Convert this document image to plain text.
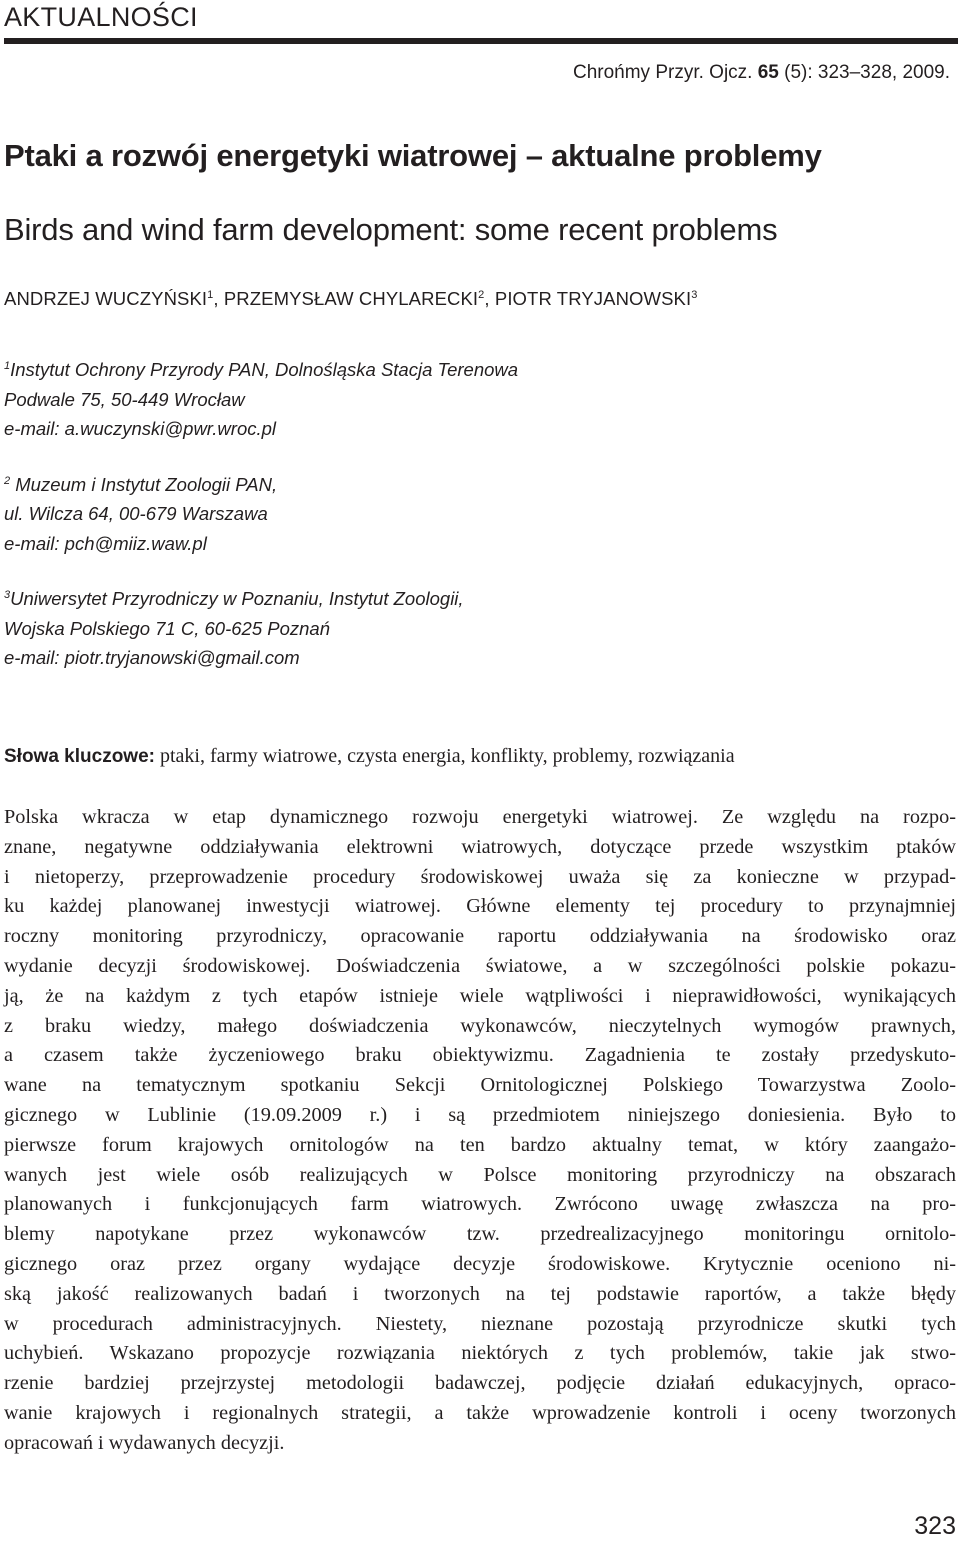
AKTUALNOŚCI
Chrońmy Przyr. Ojcz. 65 (5): 323–328, 2009.
Ptaki a rozwój energetyki wiatrowej – aktualne problemy
Birds and wind farm development: some recent problems
ANDRZEJ WUCZYŃSKI$^1$, PRZEMYSŁAW CHYLARECKI$^2$, PIOTR TRYJANOWSKI$^3$
$^1$Instytut Ochrony Przyrody PAN, Dolnośląska Stacja Terenowa
Podwale 75, 50-449 Wrocław
e-mail: a.wuczynski@pwr.wroc.pl
$^2$ Muzeum i Instytut Zoologii PAN,
ul. Wilcza 64, 00-679 Warszawa
e-mail: pch@miiz.waw.pl
$^3$Uniwersytet Przyrodniczy w Poznaniu, Instytut Zoologii,
Wojska Polskiego 71 C, 60-625 Poznań
e-mail: piotr.tryjanowski@gmail.com
Słowa kluczowe: ptaki, farmy wiatrowe, czysta energia, konflikty, problemy, rozwiązania
Polska wkracza w etap dynamicznego rozwoju energetyki wiatrowej. Ze względu na rozpo-
znane, negatywne oddziaływania elektrowni wiatrowych, dotyczące przede wszystkim ptaków
i nietoperzy, przeprowadzenie procedury środowiskowej uważa się za konieczne w przypad-
ku każdej planowanej inwestycji wiatrowej. Główne elementy tej procedury to przynajmniej
roczny monitoring przyrodniczy, opracowanie raportu oddziaływania na środowisko oraz
wydanie decyzji środowiskowej. Doświadczenia światowe, a w szczególności polskie pokazu-
ją, że na każdym z tych etapów istnieje wiele wątpliwości i nieprawidłowości, wynikających
z braku wiedzy, małego doświadczenia wykonawców, nieczytelnych wymogów prawnych,
a czasem także życzeniowego braku obiektywizmu. Zagadnienia te zostały przedyskuto-
wane na tematycznym spotkaniu Sekcji Ornitologicznej Polskiego Towarzystwa Zoolo-
gicznego w Lublinie (19.09.2009 r.) i są przedmiotem niniejszego doniesienia. Było to
pierwsze forum krajowych ornitologów na ten bardzo aktualny temat, w który zaangażo-
wanych jest wiele osób realizujących w Polsce monitoring przyrodniczy na obszarach
planowanych i funkcjonujących farm wiatrowych. Zwrócono uwagę zwłaszcza na pro-
blemy napotykane przez wykonawców tzw. przedrealizacyjnego monitoringu ornitolo-
gicznego oraz przez organy wydające decyzje środowiskowe. Krytycznie oceniono ni-
ską jakość realizowanych badań i tworzonych na tej podstawie raportów, a także błędy
w procedurach administracyjnych. Niestety, nieznane pozostają przyrodnicze skutki tych
uchybień. Wskazano propozycje rozwiązania niektórych z tych problemów, takie jak stwo-
rzenie bardziej przejrzystej metodologii badawczej, podjęcie działań edukacyjnych, opraco-
wanie krajowych i regionalnych strategii, a także wprowadzenie kontroli i oceny tworzonych
opracowań i wydawanych decyzji.
323
